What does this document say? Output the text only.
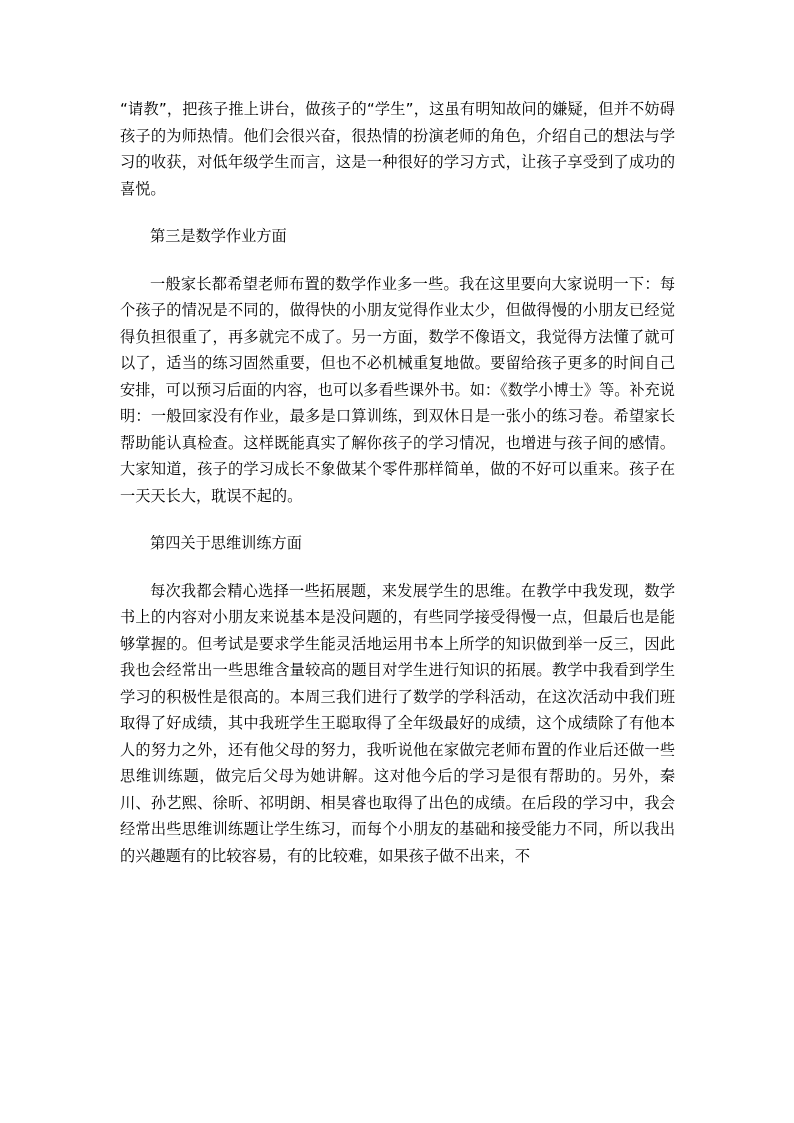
“请教”，把孩子推上讲台，做孩子的“学生”，这虽有明知故问的嫌疑，但并不妨碍孩子的为师热情。他们会很兴奋，很热情的扮演老师的角色，介绍自己的想法与学习的收获，对低年级学生而言，这是一种很好的学习方式，让孩子享受到了成功的喜悦。

第三是数学作业方面

一般家长都希望老师布置的数学作业多一些。我在这里要向大家说明一下：每个孩子的情况是不同的，做得快的小朋友觉得作业太少，但做得慢的小朋友已经觉得负担很重了，再多就完不成了。另一方面，数学不像语文，我觉得方法懂了就可以了，适当的练习固然重要，但也不必机械重复地做。要留给孩子更多的时间自己安排，可以预习后面的内容，也可以多看些课外书。如：《数学小博士》等。补充说明：一般回家没有作业，最多是口算训练，到双休日是一张小的练习卷。希望家长帮助能认真检查。这样既能真实了解你孩子的学习情况，也增进与孩子间的感情。大家知道，孩子的学习成长不象做某个零件那样简单，做的不好可以重来。孩子在一天天长大，耽误不起的。

第四关于思维训练方面

每次我都会精心选择一些拓展题，来发展学生的思维。在教学中我发现，数学书上的内容对小朋友来说基本是没问题的，有些同学接受得慢一点，但最后也是能够掌握的。但考试是要求学生能灵活地运用书本上所学的知识做到举一反三，因此我也会经常出一些思维含量较高的题目对学生进行知识的拓展。教学中我看到学生学习的积极性是很高的。本周三我们进行了数学的学科活动，在这次活动中我们班取得了好成绩，其中我班学生王聪取得了全年级最好的成绩，这个成绩除了有他本人的努力之外，还有他父母的努力，我听说他在家做完老师布置的作业后还做一些思维训练题，做完后父母为她讲解。这对他今后的学习是很有帮助的。另外，秦川、孙艺熙、徐昕、祁明朗、相昊睿也取得了出色的成绩。在后段的学习中，我会经常出些思维训练题让学生练习，而每个小朋友的基础和接受能力不同，所以我出的兴趣题有的比较容易，有的比较难，如果孩子做不出来，不
